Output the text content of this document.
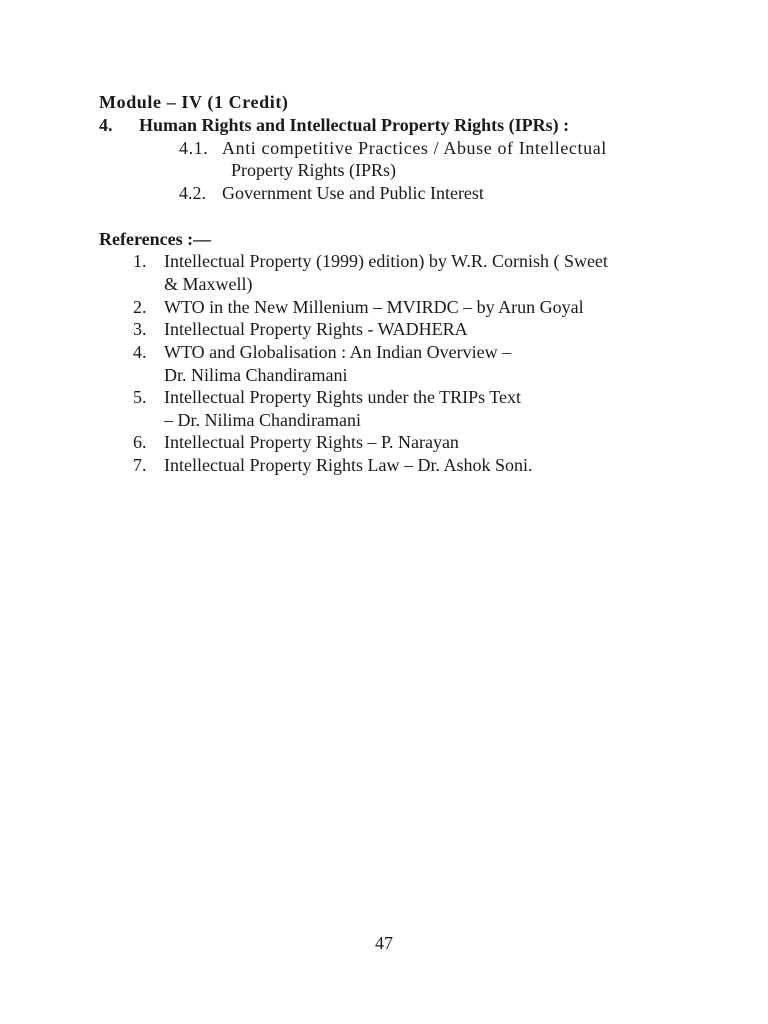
Module – IV (1 Credit)
4. Human Rights and Intellectual Property Rights (IPRs) :
4.1. Anti competitive Practices / Abuse of Intellectual
Property Rights (IPRs)
4.2. Government Use and Public Interest
References :—
1. Intellectual Property (1999) edition) by W.R. Cornish ( Sweet
& Maxwell)
2. WTO in the New Millenium – MVIRDC – by Arun Goyal
3. Intellectual Property Rights - WADHERA
4. WTO and Globalisation : An Indian Overview –
Dr. Nilima Chandiramani
5. Intellectual Property Rights under the TRIPs Text
– Dr. Nilima Chandiramani
6. Intellectual Property Rights – P. Narayan
7. Intellectual Property Rights Law – Dr. Ashok Soni.
47
